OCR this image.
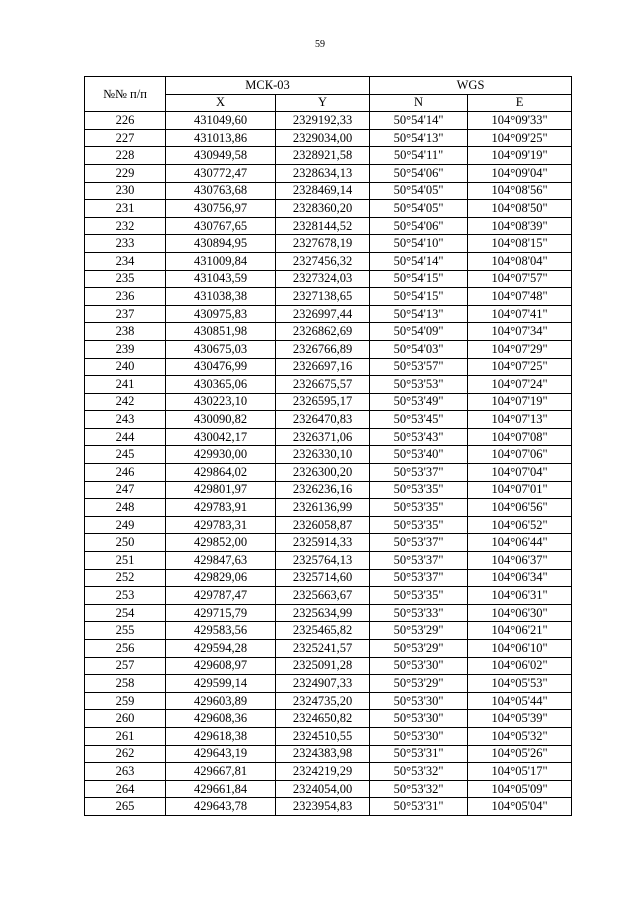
59
№№ п/п	МСК-03		WGS	
	X	Y	N	E
226	431049,60	2329192,33	50°54'14"	104°09'33"
227	431013,86	2329034,00	50°54'13"	104°09'25"
228	430949,58	2328921,58	50°54'11"	104°09'19"
229	430772,47	2328634,13	50°54'06"	104°09'04"
230	430763,68	2328469,14	50°54'05"	104°08'56"
231	430756,97	2328360,20	50°54'05"	104°08'50"
232	430767,65	2328144,52	50°54'06"	104°08'39"
233	430894,95	2327678,19	50°54'10"	104°08'15"
234	431009,84	2327456,32	50°54'14"	104°08'04"
235	431043,59	2327324,03	50°54'15"	104°07'57"
236	431038,38	2327138,65	50°54'15"	104°07'48"
237	430975,83	2326997,44	50°54'13"	104°07'41"
238	430851,98	2326862,69	50°54'09"	104°07'34"
239	430675,03	2326766,89	50°54'03"	104°07'29"
240	430476,99	2326697,16	50°53'57"	104°07'25"
241	430365,06	2326675,57	50°53'53"	104°07'24"
242	430223,10	2326595,17	50°53'49"	104°07'19"
243	430090,82	2326470,83	50°53'45"	104°07'13"
244	430042,17	2326371,06	50°53'43"	104°07'08"
245	429930,00	2326330,10	50°53'40"	104°07'06"
246	429864,02	2326300,20	50°53'37"	104°07'04"
247	429801,97	2326236,16	50°53'35"	104°07'01"
248	429783,91	2326136,99	50°53'35"	104°06'56"
249	429783,31	2326058,87	50°53'35"	104°06'52"
250	429852,00	2325914,33	50°53'37"	104°06'44"
251	429847,63	2325764,13	50°53'37"	104°06'37"
252	429829,06	2325714,60	50°53'37"	104°06'34"
253	429787,47	2325663,67	50°53'35"	104°06'31"
254	429715,79	2325634,99	50°53'33"	104°06'30"
255	429583,56	2325465,82	50°53'29"	104°06'21"
256	429594,28	2325241,57	50°53'29"	104°06'10"
257	429608,97	2325091,28	50°53'30"	104°06'02"
258	429599,14	2324907,33	50°53'29"	104°05'53"
259	429603,89	2324735,20	50°53'30"	104°05'44"
260	429608,36	2324650,82	50°53'30"	104°05'39"
261	429618,38	2324510,55	50°53'30"	104°05'32"
262	429643,19	2324383,98	50°53'31"	104°05'26"
263	429667,81	2324219,29	50°53'32"	104°05'17"
264	429661,84	2324054,00	50°53'32"	104°05'09"
265	429643,78	2323954,83	50°53'31"	104°05'04"
